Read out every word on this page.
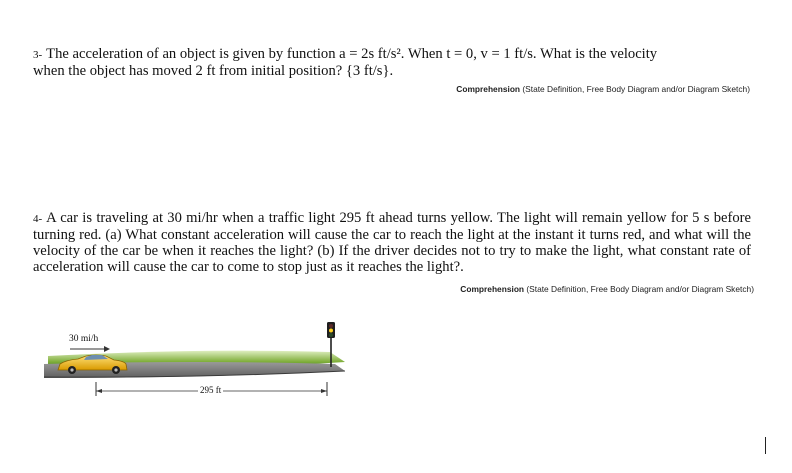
3- The acceleration of an object is given by function a = 2s ft/s². When t = 0, v = 1 ft/s. What is the velocity

when the object has moved 2 ft from initial position? {3 ft/s}.

Comprehension (State Definition, Free Body Diagram and/or Diagram Sketch)

4- A car is traveling at 30 mi/hr when a traffic light 295 ft ahead turns yellow. The light will remain yellow for 5 s before turning red. (a) What constant acceleration will cause the car to reach the light at the instant it turns red, and what will the velocity of the car be when it reaches the light? (b) If the driver decides not to try to make the light, what constant rate of acceleration will cause the car to come to stop just as it reaches the light?.

Comprehension (State Definition, Free Body Diagram and/or Diagram Sketch)
30 mi/h
295 ft
